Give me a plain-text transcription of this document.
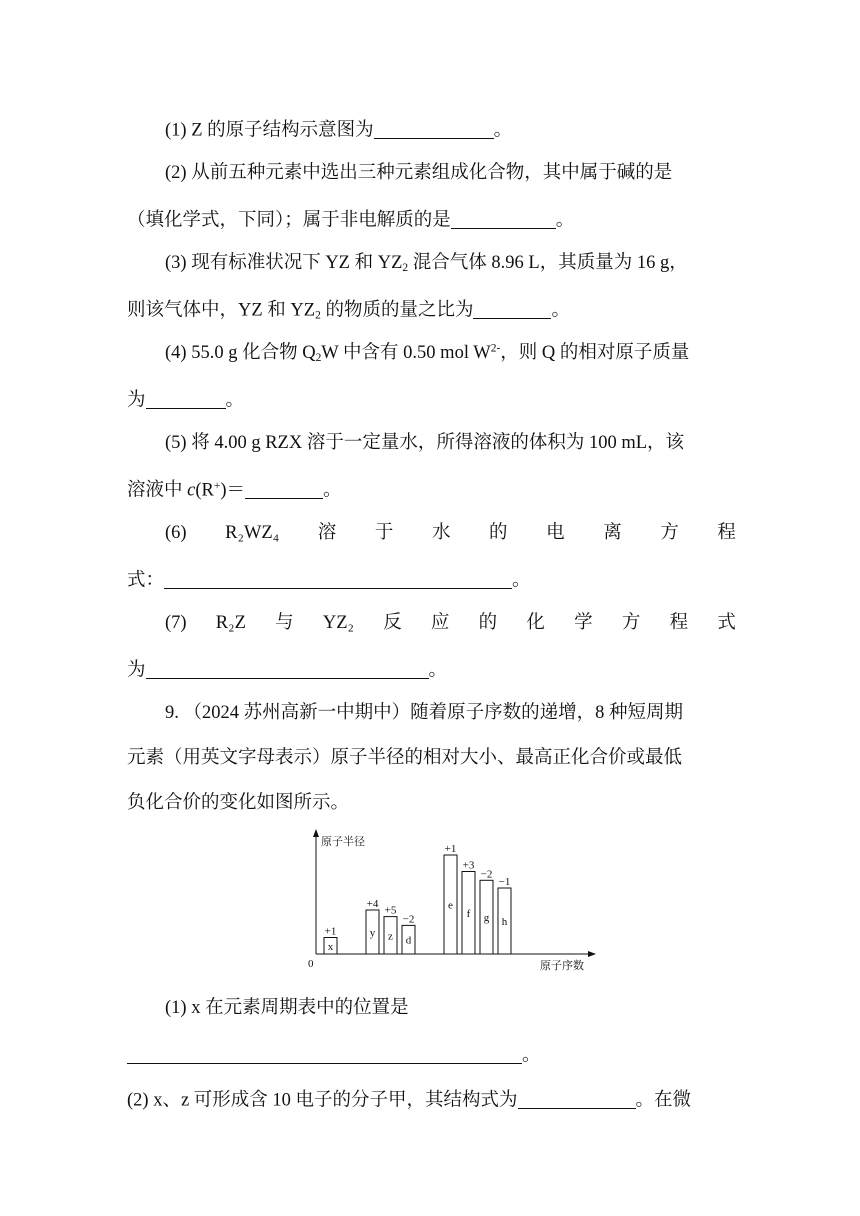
(1) Z 的原子结构示意图为	。
(2) 从前五种元素中选出三种元素组成化合物，其中属于碱的是
（填化学式，下同）；属于非电解质的是	。
(3) 现有标准状况下 YZ 和 $YZ_2$ 混合气体 8.96 L，其质量为 16 g，
则该气体中，YZ 和 $YZ_2$ 的物质的量之比为	。
(4) 55.0 g 化合物 $Q_2W$ 中含有 0.50 mol $W^{2-}$，则 Q 的相对原子质量
为	。
(5) 将 4.00 g RZX 溶于一定量水，所得溶液的体积为 100 mL，该
溶液中 c(R+)＝	。
(6) R₂WZ₄ 溶 于 水 的 电 离 方 程
式：	。
(7) R₂Z 与 YZ₂ 反 应 的 化 学 方 程 式
为	。
9. （2024 苏州高新一中期中）随着原子序数的递增，8 种短周期
元素（用英文字母表示）原子半径的相对大小、最高正化合价或最低
负化合价的变化如图所示。
原子半径
原子序数
0
x
+1	y
+4
z
+5
d
−2
e
+1
f
+3
g
−2
h
−1
(1) x 在元素周期表中的位置是
。
(2) x、z 可形成含 10 电子的分子甲，其结构式为	。在微
